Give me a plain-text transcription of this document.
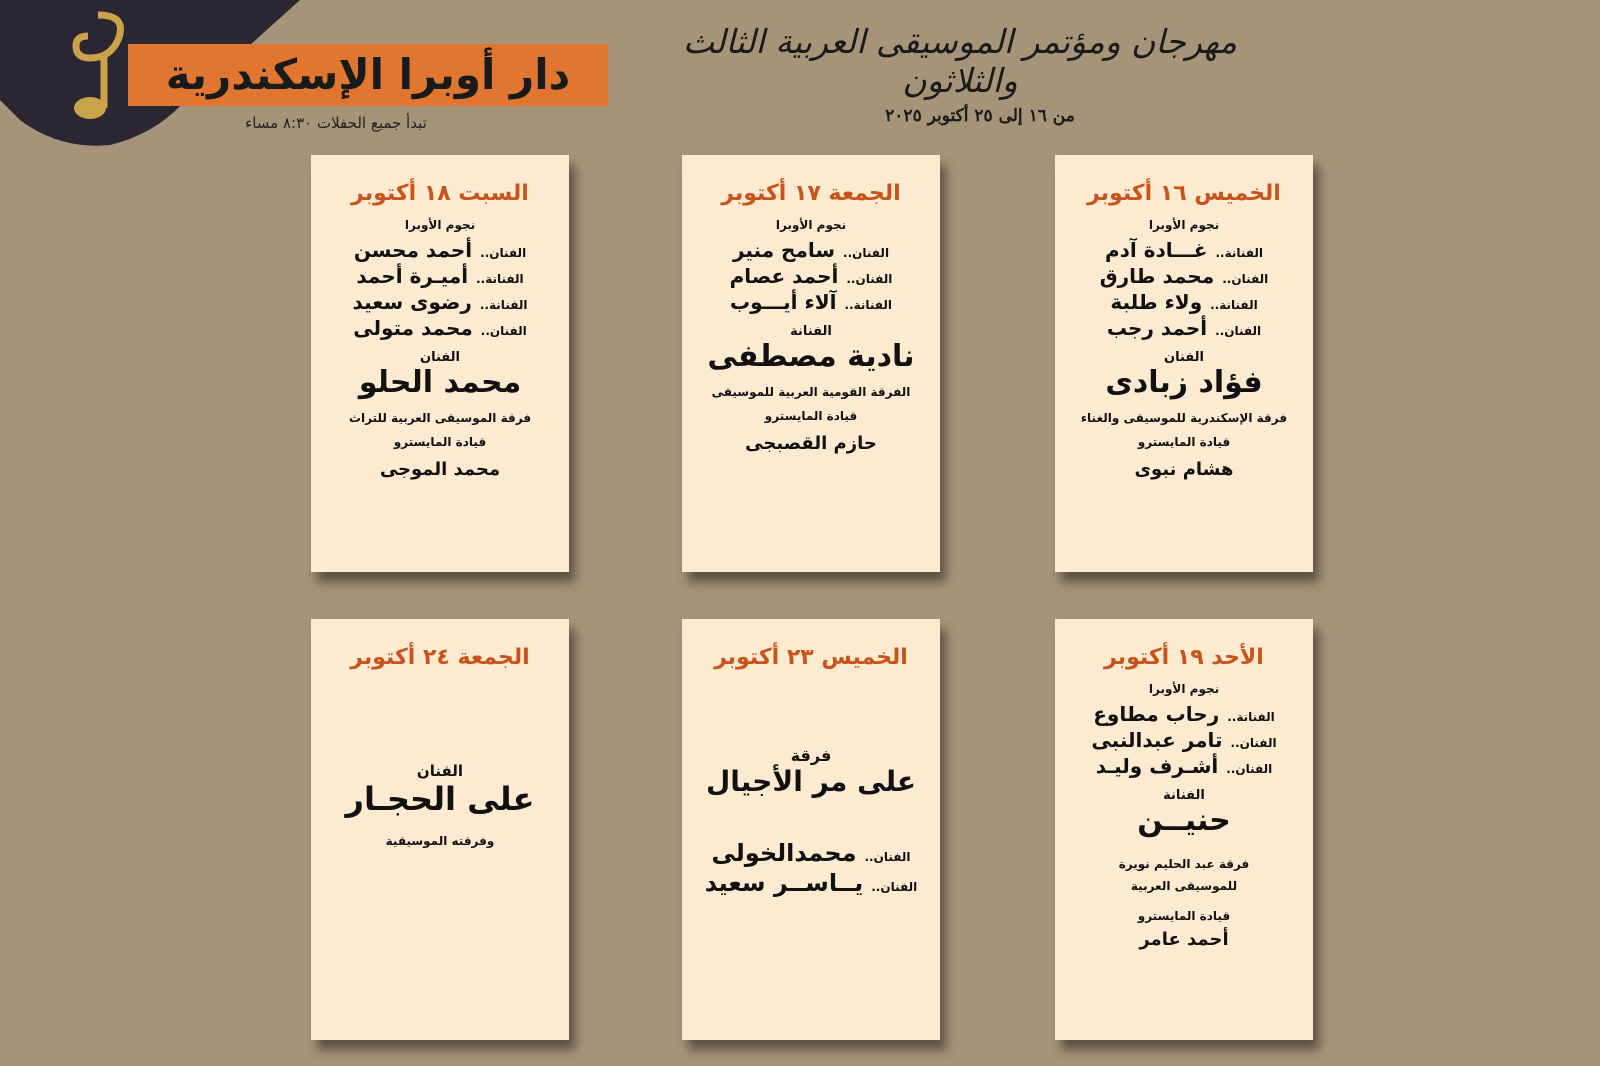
دار أوبرا الإسكندرية
تبدأ جميع الحفلات ٨:٣٠ مساء
مهرجان ومؤتمر الموسيقى العربية الثالث والثلاثون
من ١٦ إلى ٢٥ أكتوبر ٢٠٢٥
الخميس ١٦ أكتوبر
نجوم الأوبرا
الفنانة..
غـــادة آدم
الفنان..
محمد طارق
الفنانة..
ولاء طلبة
الفنان..
أحمد رجب
الفنان
فؤاد زبادى
فرقة الإسكندرية للموسيقى والغناء
قيادة المايسترو
هشام نبوى
الجمعة ١٧ أكتوبر
نجوم الأوبرا
الفنان..
سامح منير
الفنان..
أحمد عصام
الفنانة..
آلاء أيـــوب
الفنانة
نادية مصطفى
الفرقة القومية العربية للموسيقى
قيادة المايسترو
حازم القصبجى
السبت ١٨ أكتوبر
نجوم الأوبرا
الفنان..
أحمد محسن
الفنانة..
أميـرة أحمد
الفنانة..
رضوى سعيد
الفنان..
محمد متولى
الفنان
محمد الحلو
فرقة الموسيقى العربية للتراث
قيادة المايسترو
محمد الموجى
الأحد ١٩ أكتوبر
نجوم الأوبرا
الفنانة..
رحاب مطاوع
الفنان..
تامر عبدالنبى
الفنان..
أشـرف وليـد
الفنانة
حنيــن
فرقة عبد الحليم نويرة
للموسيقى العربية
قيادة المايسترو
أحمد عامر
الخميس ٢٣ أكتوبر
فرقة
على مر الأجيال
الفنان..
محمدالخولى
الفنان..
يــاســر سعيد
الجمعة ٢٤ أكتوبر
الفنان
على الحجـار
وفرقته الموسيقية
